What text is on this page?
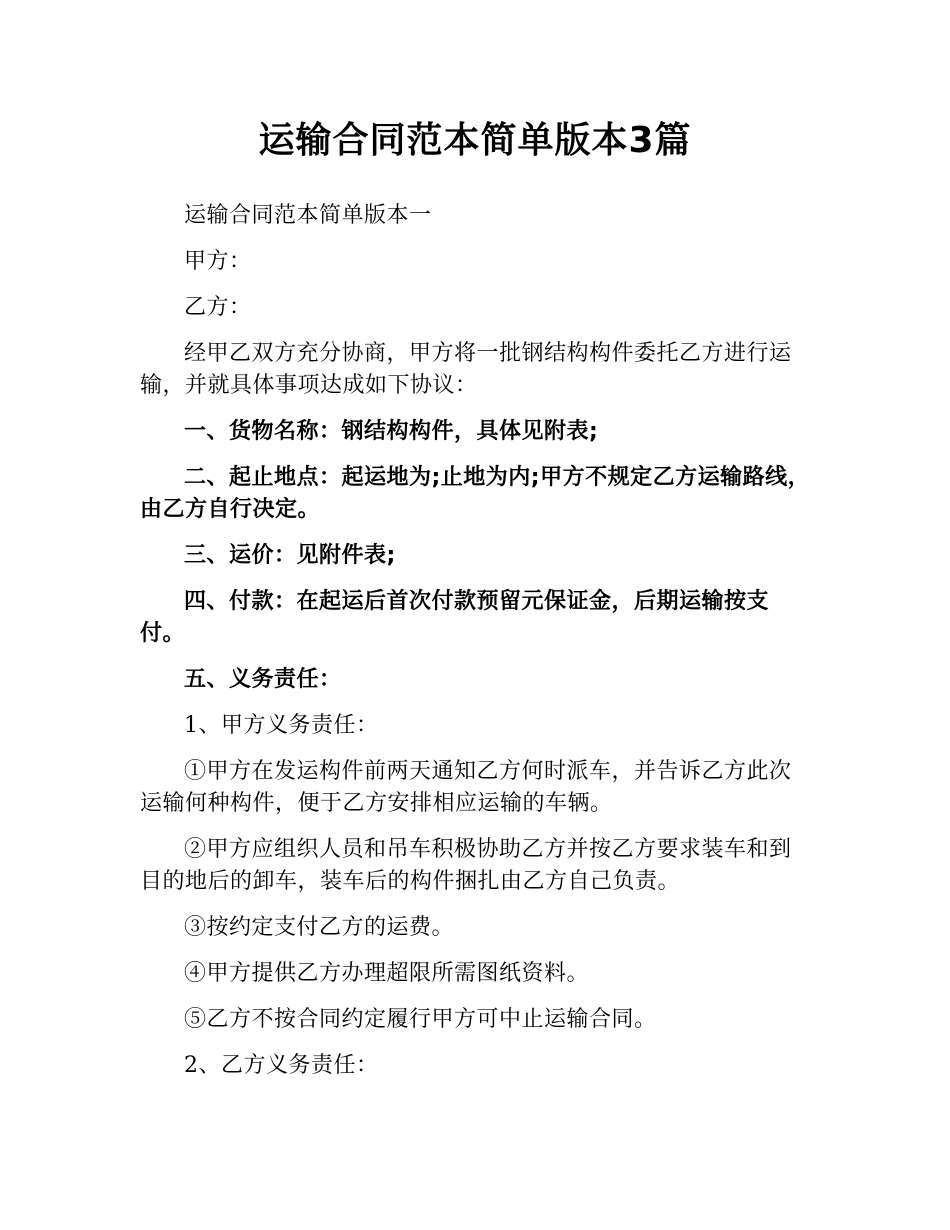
运输合同范本简单版本3篇

运输合同范本简单版本一

甲方：

乙方：

经甲乙双方充分协商，甲方将一批钢结构构件委托乙方进行运输，并就具体事项达成如下协议：

一、货物名称：钢结构构件，具体见附表;

二、起止地点：起运地为;止地为内;甲方不规定乙方运输路线，由乙方自行决定。

三、运价：见附件表;

四、付款：在起运后首次付款预留元保证金，后期运输按支付。

五、义务责任：

1、甲方义务责任：

①甲方在发运构件前两天通知乙方何时派车，并告诉乙方此次运输何种构件，便于乙方安排相应运输的车辆。

②甲方应组织人员和吊车积极协助乙方并按乙方要求装车和到目的地后的卸车，装车后的构件捆扎由乙方自己负责。

③按约定支付乙方的运费。

④甲方提供乙方办理超限所需图纸资料。

⑤乙方不按合同约定履行甲方可中止运输合同。

2、乙方义务责任：
